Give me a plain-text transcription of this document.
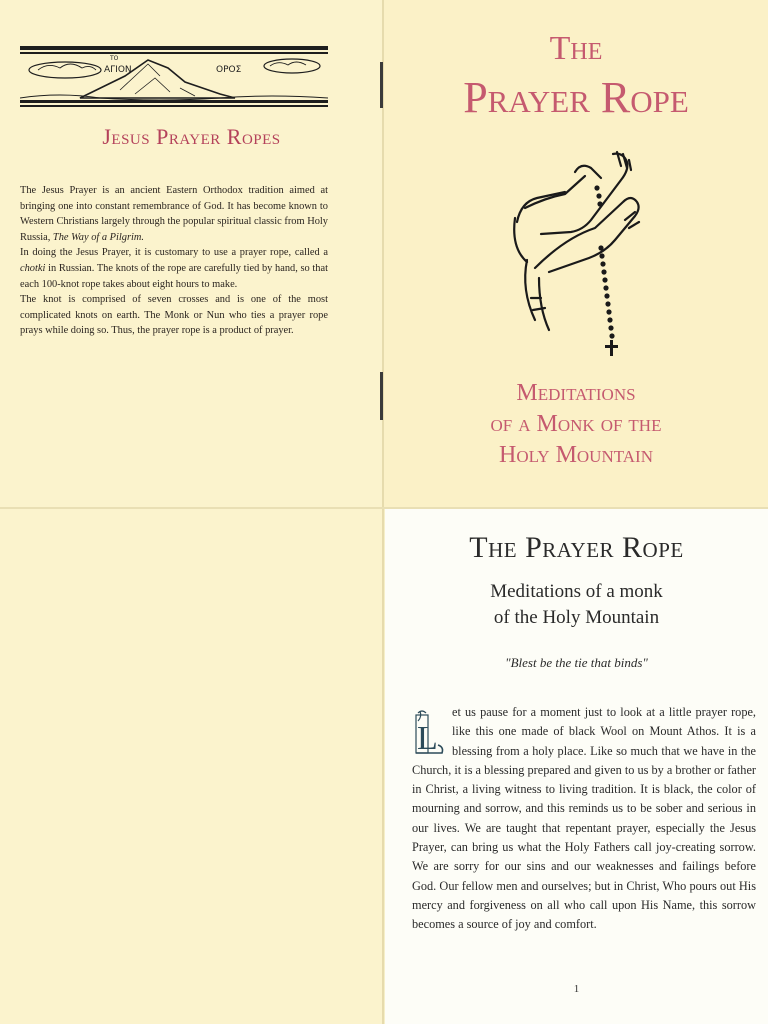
ΤΟ
ΑΓΙΟΝ	ΟΡΟΣ
Jesus Prayer Ropes

The Jesus Prayer is an ancient Eastern Orthodox tradition aimed at bringing one into constant remembrance of God. It has become known to Western Christians largely through the popular spiritual classic from Holy Russia, The Way of a Pilgrim.

In doing the Jesus Prayer, it is customary to use a prayer rope, called a chotki in Russian. The knots of the rope are carefully tied by hand, so that each 100-knot rope takes about eight hours to make.

The knot is comprised of seven crosses and is one of the most complicated knots on earth. The Monk or Nun who ties a prayer rope prays while doing so. Thus, the prayer rope is a product of prayer.

The
Prayer Rope
Meditations
of a Monk of the
Holy Mountain
The Prayer Rope
Meditations of a monk
of the Holy Mountain
"Blest be the tie that binds"
L
et us pause for a moment just to look at a little prayer rope, like this one made of black Wool on Mount Athos. It is a blessing from a holy place. Like so much that we have in the Church, it is a blessing prepared and given to us by a brother or father in Christ, a living witness to living tradition. It is black, the color of mourning and sorrow, and this reminds us to be sober and serious in our lives. We are taught that repentant prayer, especially the Jesus Prayer, can bring us what the Holy Fathers call joy-creating sorrow. We are sorry for our sins and our weaknesses and failings before God. Our fellow men and ourselves; but in Christ, Who pours out His mercy and forgiveness on all who call upon His Name, this sorrow becomes a source of joy and comfort.
1
